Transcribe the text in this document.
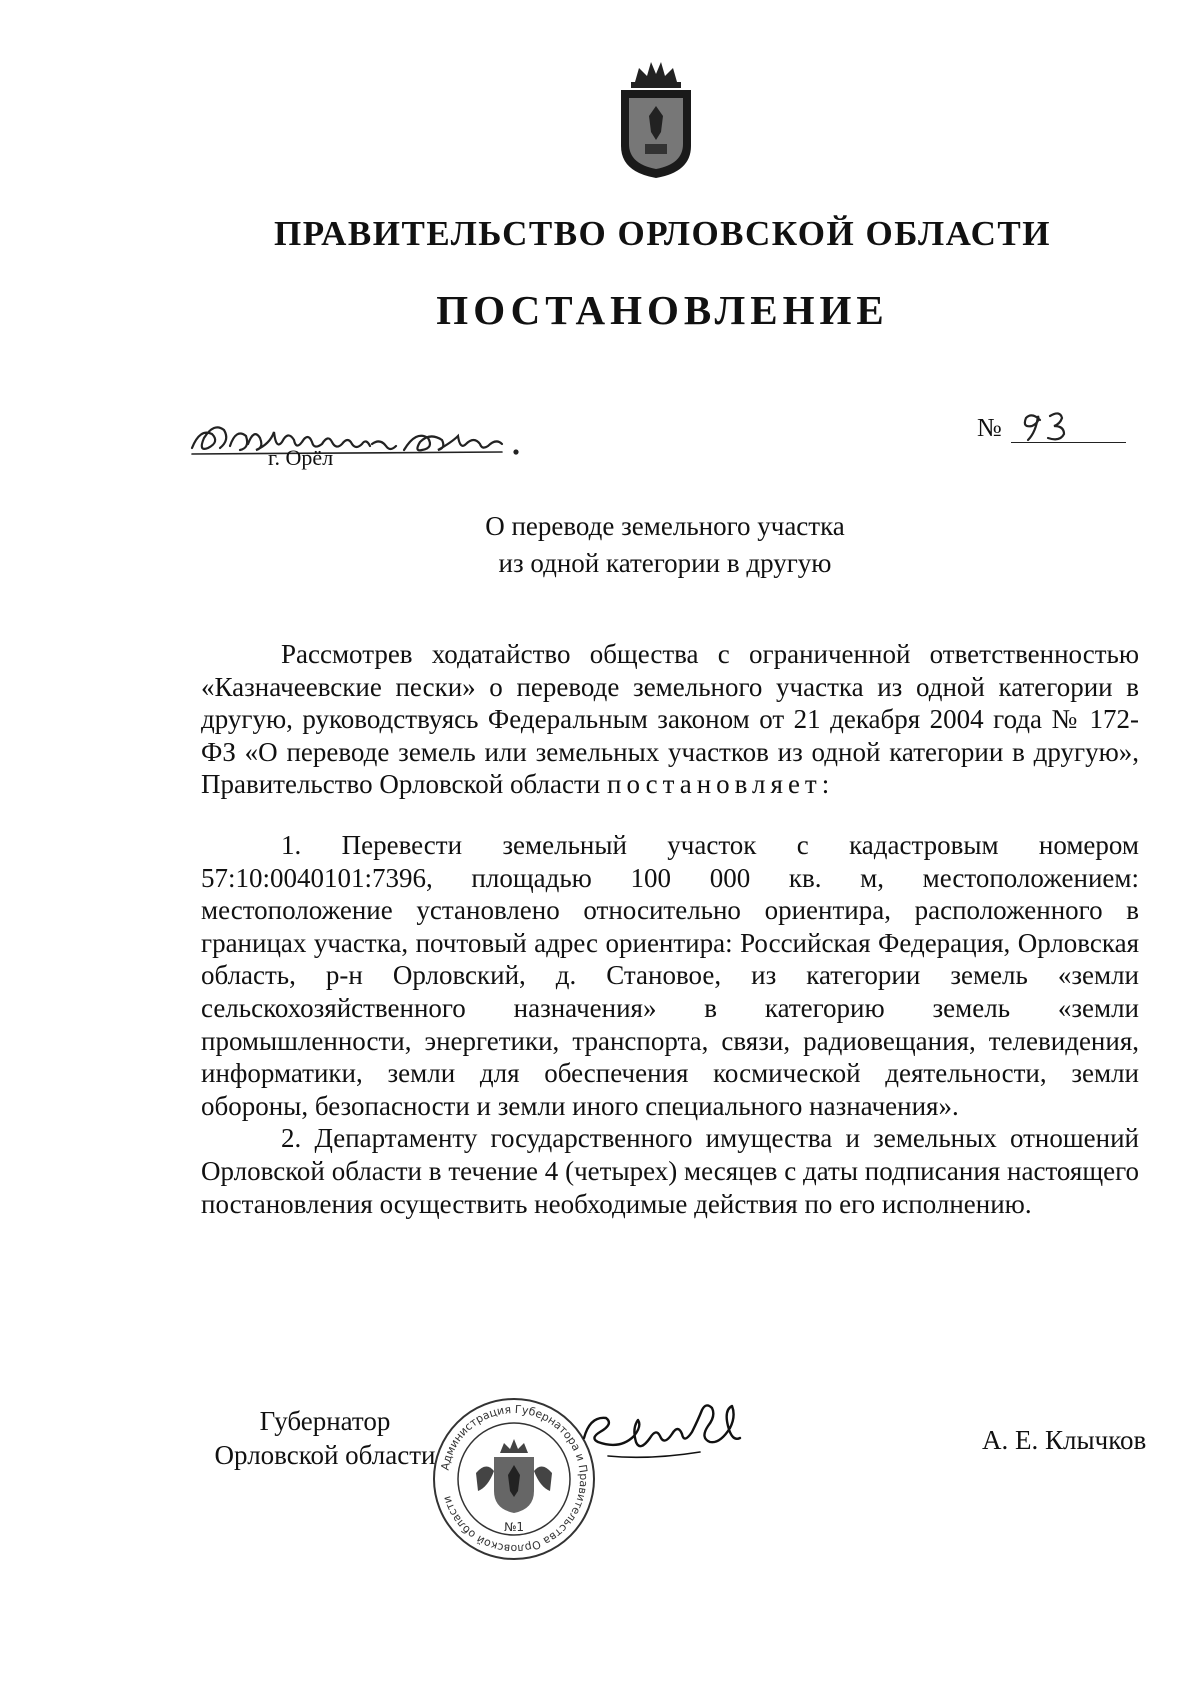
ПРАВИТЕЛЬСТВО ОРЛОВСКОЙ ОБЛАСТИ
ПОСТАНОВЛЕНИЕ
г. Орёл
№
О переводе земельного участка
из одной категории в другую

Рассмотрев ходатайство общества с ограниченной ответственностью «Казначеевские пески» о переводе земельного участка из одной категории в другую, руководствуясь Федеральным законом от 21 декабря 2004 года № 172-ФЗ «О переводе земель или земельных участков из одной категории в другую», Правительство Орловской области постановляет:

1. Перевести земельный участок с кадастровым номером 57:10:0040101:7396, площадью 100 000 кв. м, местоположением: местоположение установлено относительно ориентира, расположенного в границах участка, почтовый адрес ориентира: Российская Федерация, Орловская область, р-н Орловский, д. Становое, из категории земель «земли сельскохозяйственного назначения» в категорию земель «земли промышленности, энергетики, транспорта, связи, радиовещания, телевидения, информатики, земли для обеспечения космической деятельности, земли обороны, безопасности и земли иного специального назначения».

2. Департаменту государственного имущества и земельных отношений Орловской области в течение 4 (четырех) месяцев с даты подписания настоящего постановления осуществить необходимые действия по его исполнению.

Губернатор
Орловской области Администрация Губернатора и Правительства Орловской области
№1
А. Е. Клычков
